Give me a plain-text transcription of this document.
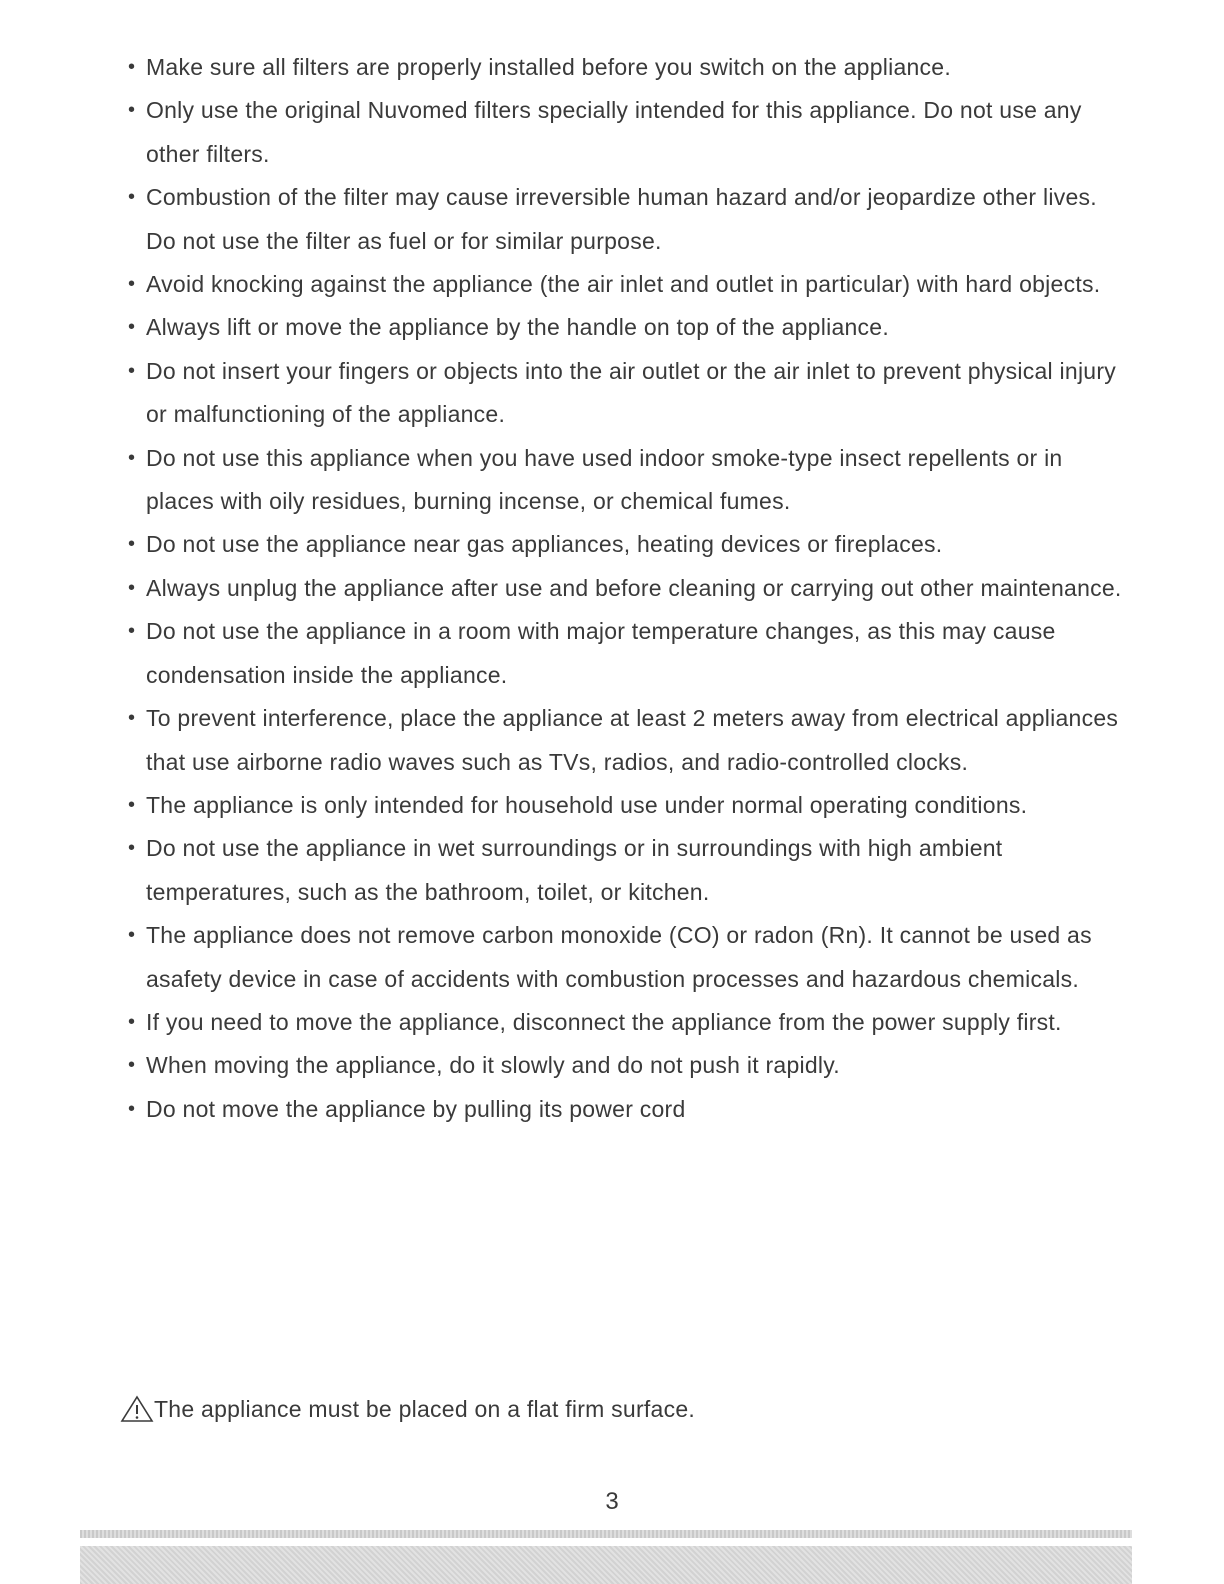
• Make sure all filters are properly installed before you switch on the appliance.
• Only use the original Nuvomed filters specially intended for this appliance. Do not use any other filters.
• Combustion of the filter may cause irreversible human hazard and/or jeopardize other lives. Do not use the filter as fuel or for similar purpose.
• Avoid knocking against the appliance (the air inlet and outlet in particular) with hard objects.
• Always lift or move the appliance by the handle on top of the appliance.
• Do not insert your fingers or objects into the air outlet or the air inlet to prevent physical injury or malfunctioning of the appliance.
• Do not use this appliance when you have used indoor smoke-type insect repellents or in places with oily residues, burning incense, or chemical fumes.
• Do not use the appliance near gas appliances, heating devices or fireplaces.
• Always unplug the appliance after use and before cleaning or carrying out other maintenance.
• Do not use the appliance in a room with major temperature changes, as this may cause condensation inside the appliance.
• To prevent interference, place the appliance at least 2 meters away from electrical appliances that use airborne radio waves such as TVs, radios, and radio-controlled clocks.
• The appliance is only intended for household use under normal operating conditions.
• Do not use the appliance in wet surroundings or in surroundings with high ambient temperatures, such as the bathroom, toilet, or kitchen.
• The appliance does not remove carbon monoxide (CO) or radon (Rn). It cannot be used as asafety device in case of accidents with combustion processes and hazardous chemicals.
• If you need to move the appliance, disconnect the appliance from the power supply first.
• When moving the appliance, do it slowly and do not push it rapidly.
• Do not move the appliance by pulling its power cord
The appliance must be placed on a flat firm surface.
3
